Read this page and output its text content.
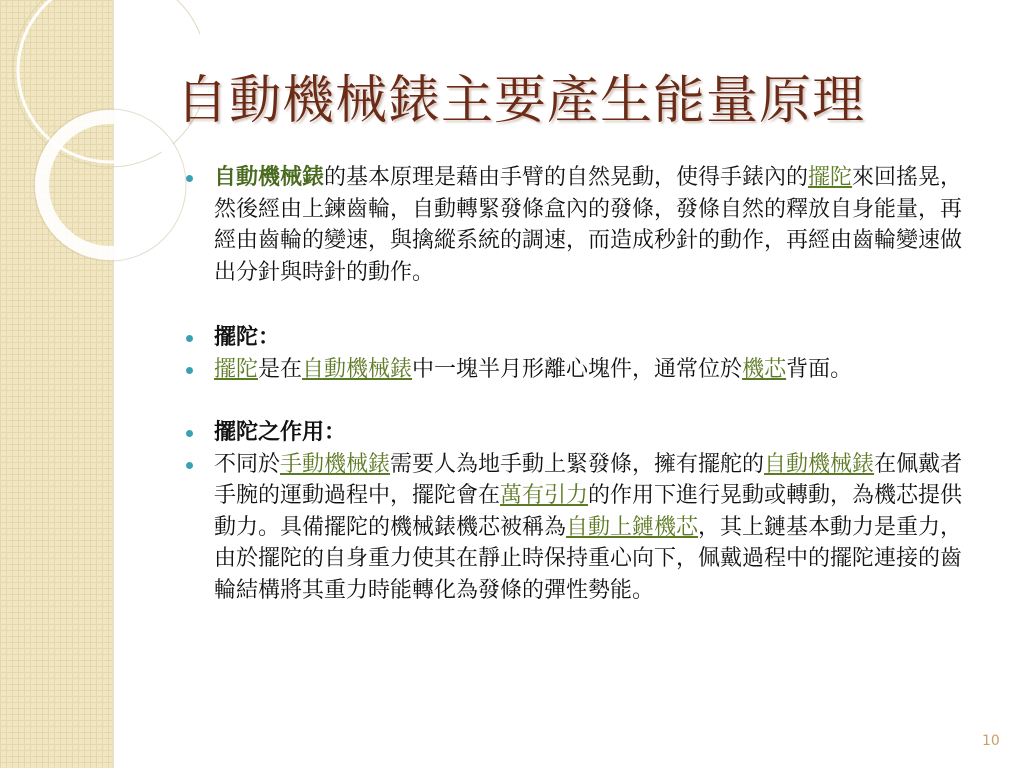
自動機械錶主要產生能量原理
自動機械錶的基本原理是藉由手臂的自然晃動，使得手錶內的擺陀來回搖晃，然後經由上鍊齒輪，自動轉緊發條盒內的發條，發條自然的釋放自身能量，再經由齒輪的變速，與擒縱系統的調速，而造成秒針的動作，再經由齒輪變速做出分針與時針的動作。
擺陀：
擺陀是在自動機械錶中一塊半月形離心塊件，通常位於機芯背面。
擺陀之作用：
不同於手動機械錶需要人為地手動上緊發條，擁有擺舵的自動機械錶在佩戴者手腕的運動過程中，擺陀會在萬有引力的作用下進行晃動或轉動，為機芯提供動力。具備擺陀的機械錶機芯被稱為自動上鏈機芯，其上鏈基本動力是重力，由於擺陀的自身重力使其在靜止時保持重心向下，佩戴過程中的擺陀連接的齒輪結構將其重力時能轉化為發條的彈性勢能。
10
